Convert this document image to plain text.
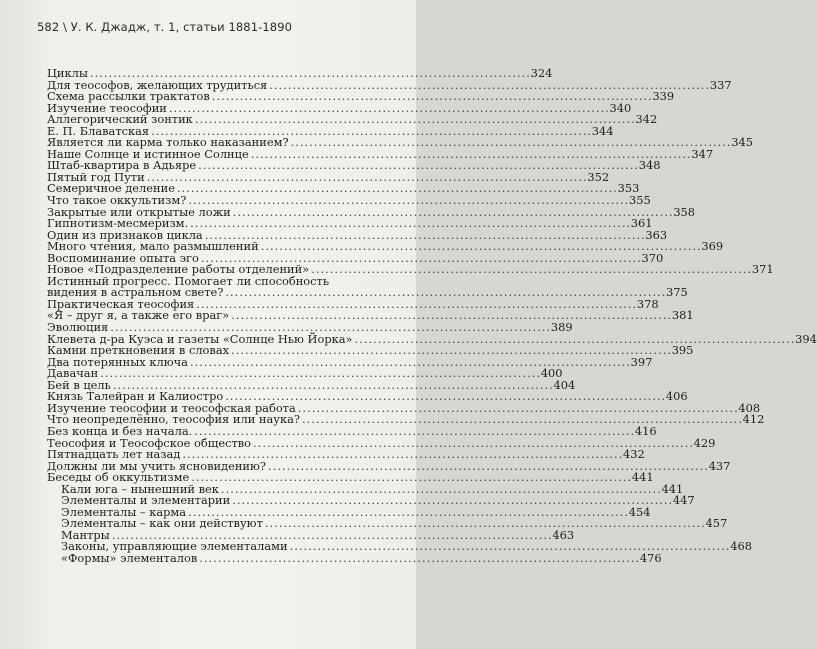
582 \ У. К. Джадж, т. 1, статьи 1881-1890
Циклы . . .	324
Для теософов, желающих трудиться . . .	337
Схема рассылки трактатов . . .	339
Изучение теософии . . .	340
Аллегорический зонтик . . .	342
Е. П. Блаватская . . .	344
Является ли карма только наказанием? . . .	345
Наше Солнце и истинное Солнце . . .	347
Штаб-квартира в Адьяре . . .	348
Пятый год Пути . . .	352
Семеричное деление . . .	353
Что такое оккультизм? . . .	355
Закрытые или открытые ложи . . .	358
Гипнотизм-месмеризм. . . .	361
Один из признаков цикла . . .	363
Много чтения, мало размышлений . . .	369
Воспоминание опыта эго . . .	370
Новое «Подразделение работы отделений» . . .	371
Истинный прогресс. Помогает ли способность
видения в астральном свете? . . .	375
Практическая теософия . . .	378
«Я – друг я, а также его враг» . . .	381
Эволюция . . .	389
Клевета д-ра Куэса и газеты «Солнце Нью Йорка» . . .	394
Камни преткновения в словах . . .	395
Два потерянных ключа . . .	397
Давачан . . .	400
Бей в цель . . .	404
Князь Талейран и Калиостро . . .	406
Изучение теософии и теософская работа . . .	408
Что неопределённо, теософия или наука? . . .	412
Без конца и без начала. . . .	416
Теософия и Теософское общество . . .	429
Пятнадцать лет назад . . .	432
Должны ли мы учить ясновидению? . . .	437
Беседы об оккультизме . . .	441
Кали юга – нынешний век . . .	441
Элементалы и элементарии . . .	447
Элементалы – карма . . .	454
Элементалы – как они действуют . . .	457
Мантры . . .	463
Законы, управляющие элементалами . . .	468
«Формы» элементалов . . .	476
